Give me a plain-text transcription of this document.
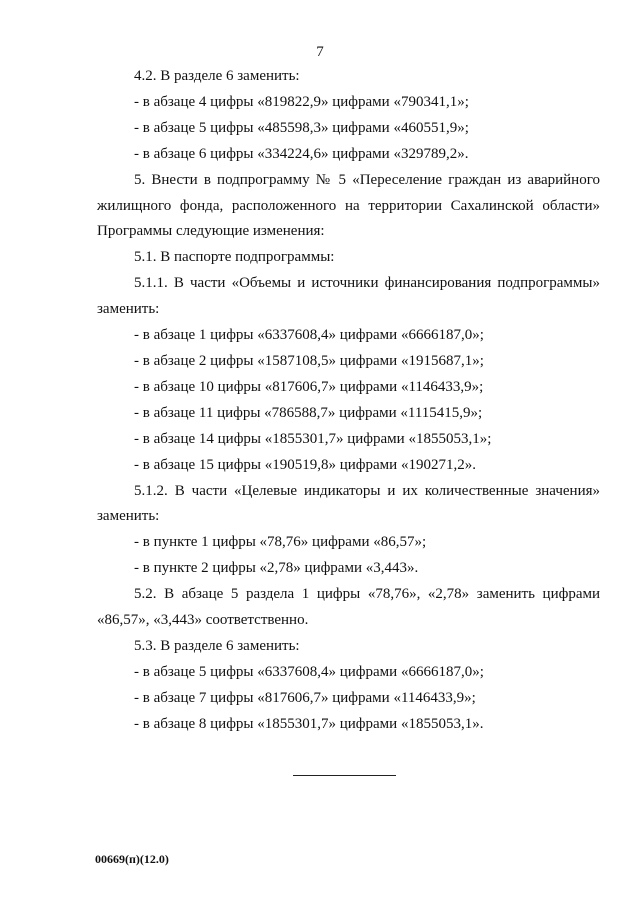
7

4.2. В разделе 6 заменить:

- в абзаце 4 цифры «819822,9» цифрами «790341,1»;

- в абзаце 5 цифры «485598,3» цифрами «460551,9»;

- в абзаце 6 цифры «334224,6» цифрами «329789,2».

5. Внести в подпрограмму № 5 «Переселение граждан из аварийного жилищного фонда, расположенного на территории Сахалинской области» Программы следующие изменения:

5.1. В паспорте подпрограммы:

5.1.1. В части «Объемы и источники финансирования подпрограммы» заменить:

- в абзаце 1 цифры «6337608,4» цифрами «6666187,0»;

- в абзаце 2 цифры «1587108,5» цифрами «1915687,1»;

- в абзаце 10 цифры «817606,7» цифрами «1146433,9»;

- в абзаце 11 цифры «786588,7» цифрами «1115415,9»;

- в абзаце 14 цифры «1855301,7» цифрами «1855053,1»;

- в абзаце 15 цифры «190519,8» цифрами «190271,2».

5.1.2. В части «Целевые индикаторы и их количественные значения» заменить:

- в пункте 1 цифры «78,76» цифрами «86,57»;

- в пункте 2 цифры «2,78» цифрами «3,443».

5.2. В абзаце 5 раздела 1 цифры «78,76», «2,78» заменить цифрами «86,57», «3,443» соответственно.

5.3. В разделе 6 заменить:

- в абзаце 5 цифры «6337608,4» цифрами «6666187,0»;

- в абзаце 7 цифры «817606,7» цифрами «1146433,9»;

- в абзаце 8 цифры «1855301,7» цифрами «1855053,1».

00669(п)(12.0)
